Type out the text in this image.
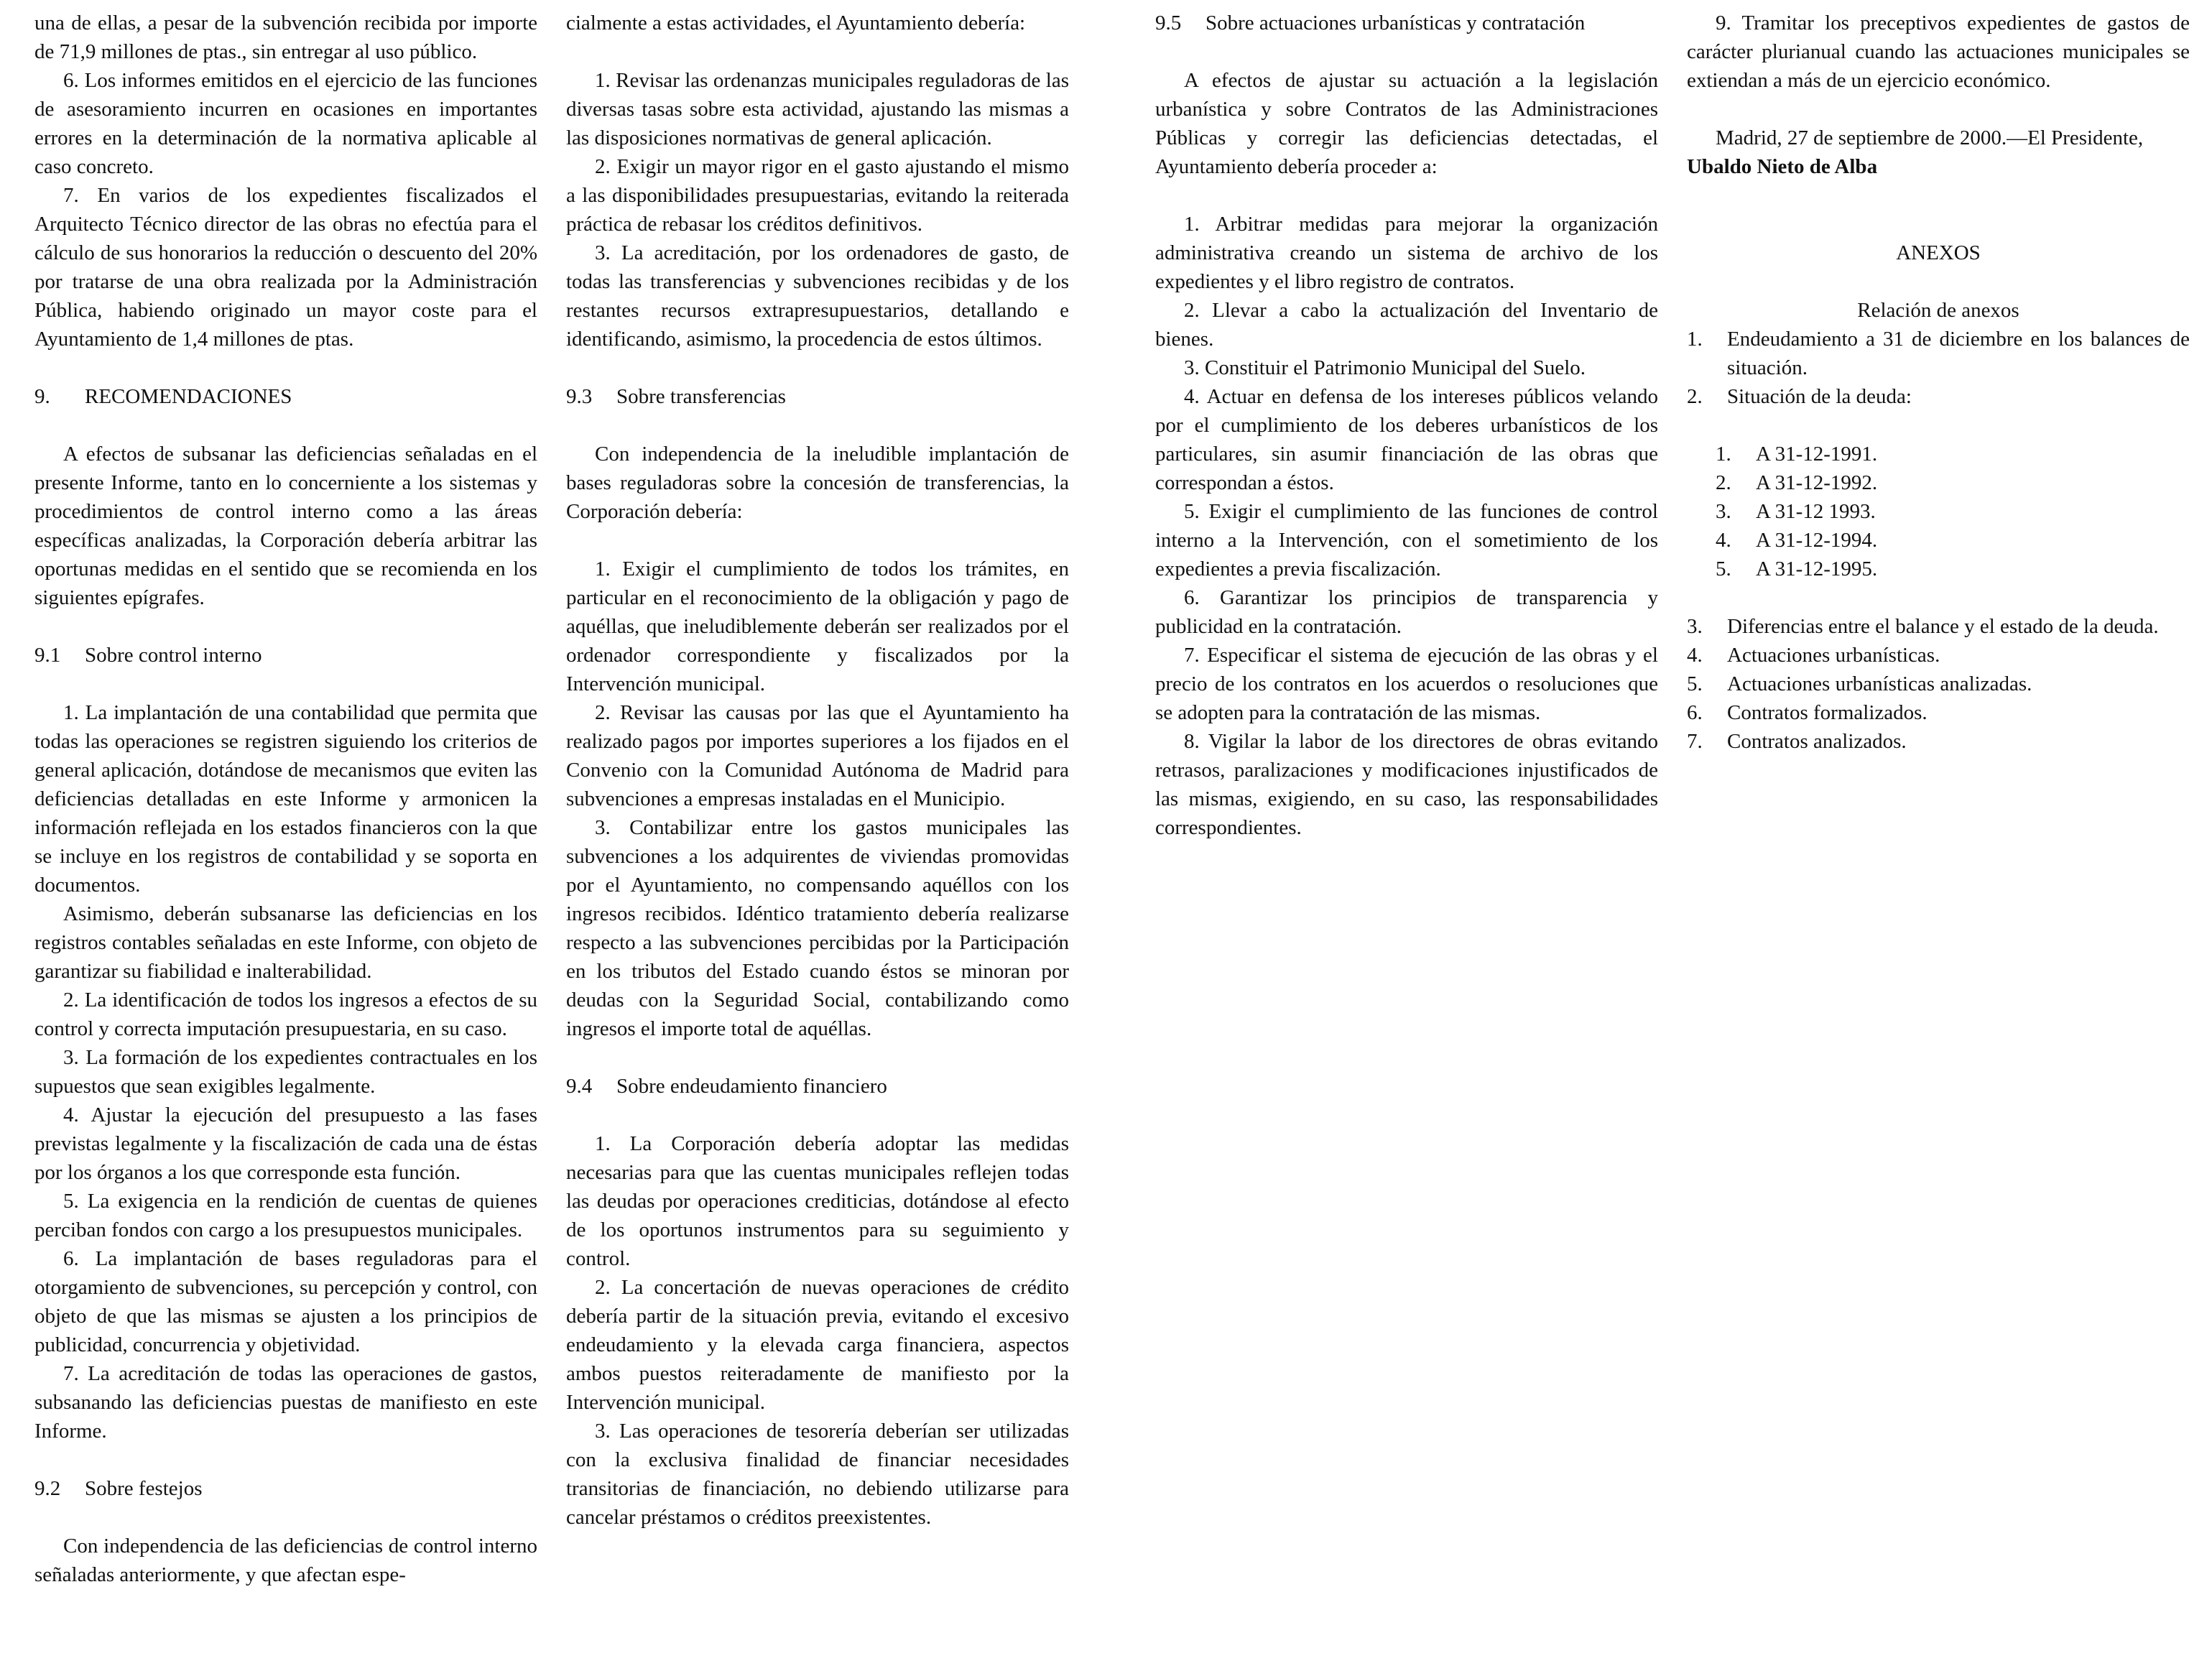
una de ellas, a pesar de la subvención recibida por importe de 71,9 millones de ptas., sin entregar al uso público.

6. Los informes emitidos en el ejercicio de las funciones de asesoramiento incurren en ocasiones en importantes errores en la determinación de la normativa aplicable al caso concreto.

7. En varios de los expedientes fiscalizados el Arquitecto Técnico director de las obras no efectúa para el cálculo de sus honorarios la reducción o descuento del 20% por tratarse de una obra realizada por la Administración Pública, habiendo originado un mayor coste para el Ayuntamiento de 1,4 millones de ptas.

9. RECOMENDACIONES

A efectos de subsanar las deficiencias señaladas en el presente Informe, tanto en lo concerniente a los sistemas y procedimientos de control interno como a las áreas específicas analizadas, la Corporación debería arbitrar las oportunas medidas en el sentido que se recomienda en los siguientes epígrafes.

9.1 Sobre control interno

1. La implantación de una contabilidad que permita que todas las operaciones se registren siguiendo los criterios de general aplicación, dotándose de mecanismos que eviten las deficiencias detalladas en este Informe y armonicen la información reflejada en los estados financieros con la que se incluye en los registros de contabilidad y se soporta en documentos.

Asimismo, deberán subsanarse las deficiencias en los registros contables señaladas en este Informe, con objeto de garantizar su fiabilidad e inalterabilidad.

2. La identificación de todos los ingresos a efectos de su control y correcta imputación presupuestaria, en su caso.

3. La formación de los expedientes contractuales en los supuestos que sean exigibles legalmente.

4. Ajustar la ejecución del presupuesto a las fases previstas legalmente y la fiscalización de cada una de éstas por los órganos a los que corresponde esta función.

5. La exigencia en la rendición de cuentas de quienes perciban fondos con cargo a los presupuestos municipales.

6. La implantación de bases reguladoras para el otorgamiento de subvenciones, su percepción y control, con objeto de que las mismas se ajusten a los principios de publicidad, concurrencia y objetividad.

7. La acreditación de todas las operaciones de gastos, subsanando las deficiencias puestas de manifiesto en este Informe.

9.2 Sobre festejos

Con independencia de las deficiencias de control interno señaladas anteriormente, y que afectan espe-

cialmente a estas actividades, el Ayuntamiento debería:

1. Revisar las ordenanzas municipales reguladoras de las diversas tasas sobre esta actividad, ajustando las mismas a las disposiciones normativas de general aplicación.

2. Exigir un mayor rigor en el gasto ajustando el mismo a las disponibilidades presupuestarias, evitando la reiterada práctica de rebasar los créditos definitivos.

3. La acreditación, por los ordenadores de gasto, de todas las transferencias y subvenciones recibidas y de los restantes recursos extrapresupuestarios, detallando e identificando, asimismo, la procedencia de estos últimos.

9.3 Sobre transferencias

Con independencia de la ineludible implantación de bases reguladoras sobre la concesión de transferencias, la Corporación debería:

1. Exigir el cumplimiento de todos los trámites, en particular en el reconocimiento de la obligación y pago de aquéllas, que ineludiblemente deberán ser realizados por el ordenador correspondiente y fiscalizados por la Intervención municipal.

2. Revisar las causas por las que el Ayuntamiento ha realizado pagos por importes superiores a los fijados en el Convenio con la Comunidad Autónoma de Madrid para subvenciones a empresas instaladas en el Municipio.

3. Contabilizar entre los gastos municipales las subvenciones a los adquirentes de viviendas promovidas por el Ayuntamiento, no compensando aquéllos con los ingresos recibidos. Idéntico tratamiento debería realizarse respecto a las subvenciones percibidas por la Participación en los tributos del Estado cuando éstos se minoran por deudas con la Seguridad Social, contabilizando como ingresos el importe total de aquéllas.

9.4 Sobre endeudamiento financiero

1. La Corporación debería adoptar las medidas necesarias para que las cuentas municipales reflejen todas las deudas por operaciones crediticias, dotándose al efecto de los oportunos instrumentos para su seguimiento y control.

2. La concertación de nuevas operaciones de crédito debería partir de la situación previa, evitando el excesivo endeudamiento y la elevada carga financiera, aspectos ambos puestos reiteradamente de manifiesto por la Intervención municipal.

3. Las operaciones de tesorería deberían ser utilizadas con la exclusiva finalidad de financiar necesidades transitorias de financiación, no debiendo utilizarse para cancelar préstamos o créditos preexistentes.

9.5 Sobre actuaciones urbanísticas y contratación

A efectos de ajustar su actuación a la legislación urbanística y sobre Contratos de las Administraciones Públicas y corregir las deficiencias detectadas, el Ayuntamiento debería proceder a:

1. Arbitrar medidas para mejorar la organización administrativa creando un sistema de archivo de los expedientes y el libro registro de contratos.

2. Llevar a cabo la actualización del Inventario de bienes.

3. Constituir el Patrimonio Municipal del Suelo.

4. Actuar en defensa de los intereses públicos velando por el cumplimiento de los deberes urbanísticos de los particulares, sin asumir financiación de las obras que correspondan a éstos.

5. Exigir el cumplimiento de las funciones de control interno a la Intervención, con el sometimiento de los expedientes a previa fiscalización.

6. Garantizar los principios de transparencia y publicidad en la contratación.

7. Especificar el sistema de ejecución de las obras y el precio de los contratos en los acuerdos o resoluciones que se adopten para la contratación de las mismas.

8. Vigilar la labor de los directores de obras evitando retrasos, paralizaciones y modificaciones injustificados de las mismas, exigiendo, en su caso, las responsabilidades correspondientes.

9. Tramitar los preceptivos expedientes de gastos de carácter plurianual cuando las actuaciones municipales se extiendan a más de un ejercicio económico.

Madrid, 27 de septiembre de 2000.—El Presidente,

Ubaldo Nieto de Alba

ANEXOS

Relación de anexos

1. Endeudamiento a 31 de diciembre en los balances de situación.
2. Situación de la deuda:
1. A 31-12-1991.
2. A 31-12-1992.
3. A 31-12 1993.
4. A 31-12-1994.
5. A 31-12-1995.
3. Diferencias entre el balance y el estado de la deuda.
4. Actuaciones urbanísticas.
5. Actuaciones urbanísticas analizadas.
6. Contratos formalizados.
7. Contratos analizados.
